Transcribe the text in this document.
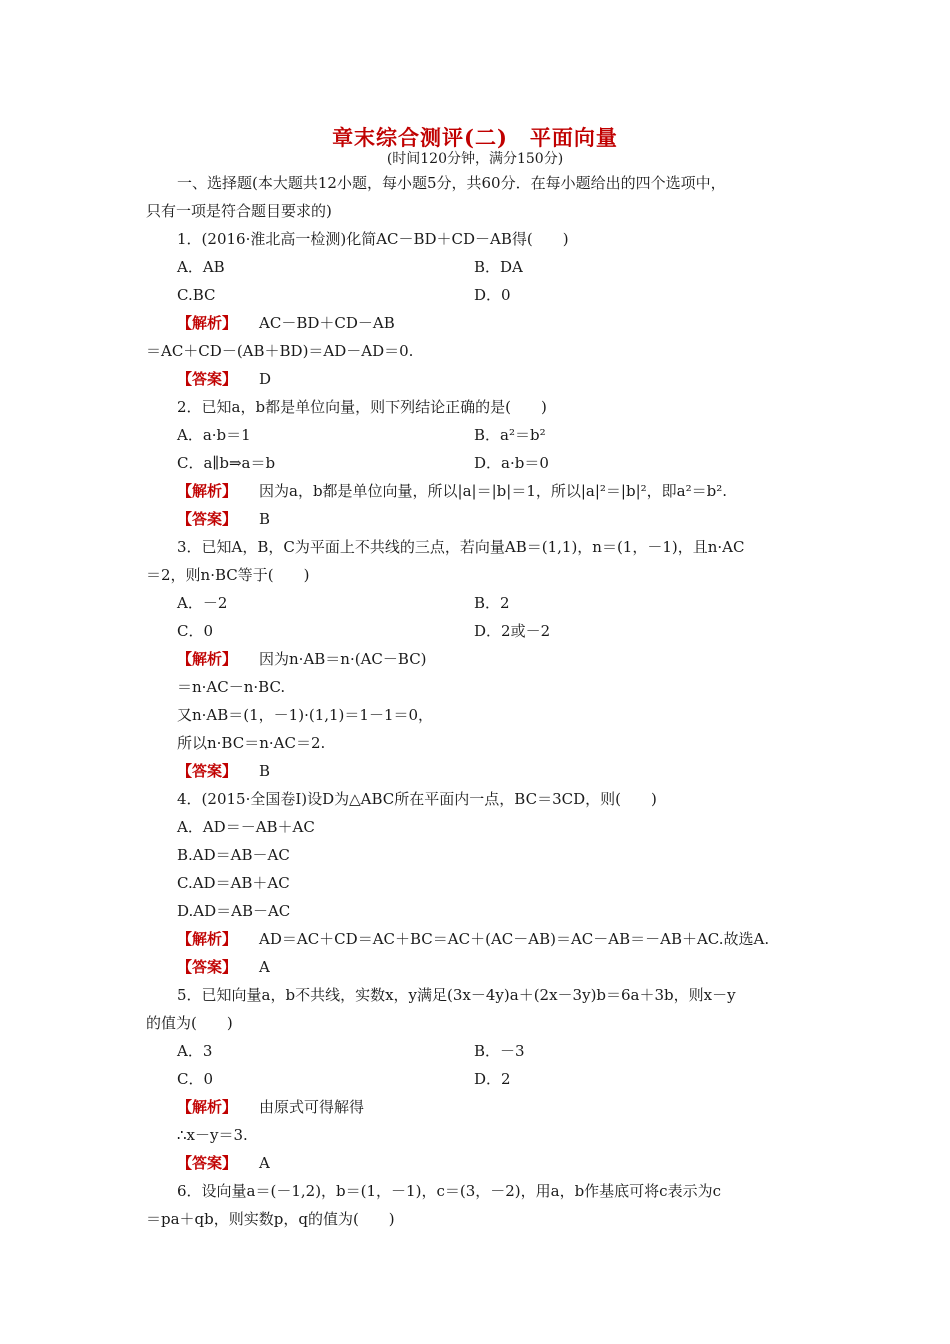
章末综合测评(二)　平面向量
(时间120分钟，满分150分)
一、选择题(本大题共12小题，每小题5分，共60分．在每小题给出的四个选项中，
只有一项是符合题目要求的)
1．(2016·淮北高一检测)化简AC－BD＋CD－AB得(　　)
A．AB	B．DA
C.BC	D．0
【解析】 AC－BD＋CD－AB
＝AC＋CD－(AB＋BD)＝AD－AD＝0.
【答案】 D
2．已知a，b都是单位向量，则下列结论正确的是(　　)
A．a·b＝1	B．a²＝b²
C．a∥b⇒a＝b	D．a·b＝0
【解析】 因为a，b都是单位向量，所以|a|＝|b|＝1，所以|a|²＝|b|²，即a²＝b².
【答案】 B
3．已知A，B，C为平面上不共线的三点，若向量AB＝(1,1)，n＝(1，－1)，且n·AC
＝2，则n·BC等于(　　)
A．－2	B．2
C．0	D．2或－2
【解析】 因为n·AB＝n·(AC－BC)
＝n·AC－n·BC.
又n·AB＝(1，－1)·(1,1)＝1－1＝0，
所以n·BC＝n·AC＝2.
【答案】 B
4．(2015·全国卷Ⅰ)设D为△ABC所在平面内一点，BC＝3CD，则(　　)
A．AD＝－AB＋AC
B.AD＝AB－AC
C.AD＝AB＋AC
D.AD＝AB－AC
【解析】 AD＝AC＋CD＝AC＋BC＝AC＋(AC－AB)＝AC－AB＝－AB＋AC.故选A.
【答案】 A
5．已知向量a，b不共线，实数x，y满足(3x－4y)a＋(2x－3y)b＝6a＋3b，则x－y
的值为(　　)
A．3	B．－3
C．0	D．2
【解析】 由原式可得解得
∴x－y＝3.
【答案】 A
6．设向量a＝(－1,2)，b＝(1，－1)，c＝(3，－2)，用a，b作基底可将c表示为c
＝pa＋qb，则实数p，q的值为(　　)
